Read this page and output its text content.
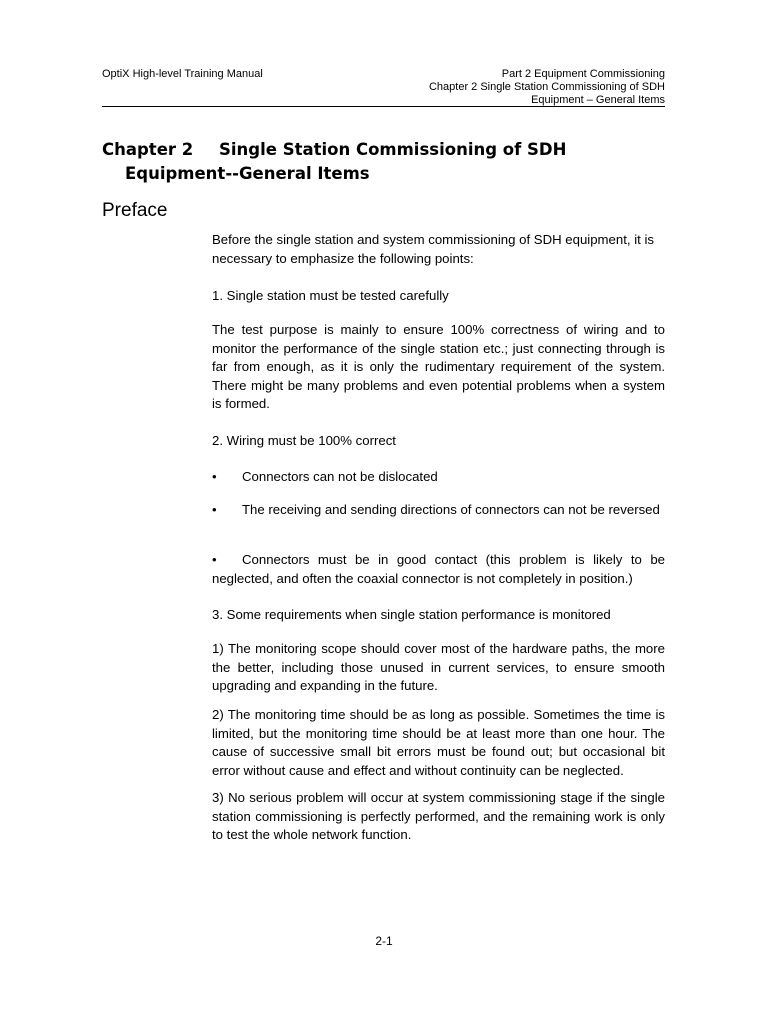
OptiX High-level Training Manual	Part 2 Equipment Commissioning
Chapter 2 Single Station Commissioning of SDH
Equipment – General Items
Chapter 2 Single Station Commissioning of SDH
Equipment--General Items
Preface
Before the single station and system commissioning of SDH equipment, it is necessary to emphasize the following points:
1. Single station must be tested carefully
The test purpose is mainly to ensure 100% correctness of wiring and to monitor the performance of the single station etc.; just connecting through is far from enough, as it is only the rudimentary requirement of the system. There might be many problems and even potential problems when a system is formed.
2. Wiring must be 100% correct
• Connectors can not be dislocated
• The receiving and sending directions of connectors can not be reversed
• Connectors must be in good contact (this problem is likely to be neglected, and often the coaxial connector is not completely in position.)
3. Some requirements when single station performance is monitored
1) The monitoring scope should cover most of the hardware paths, the more the better, including those unused in current services, to ensure smooth upgrading and expanding in the future.
2) The monitoring time should be as long as possible. Sometimes the time is limited, but the monitoring time should be at least more than one hour. The cause of successive small bit errors must be found out; but occasional bit error without cause and effect and without continuity can be neglected.
3) No serious problem will occur at system commissioning stage if the single station commissioning is perfectly performed, and the remaining work is only to test the whole network function.
2-1
